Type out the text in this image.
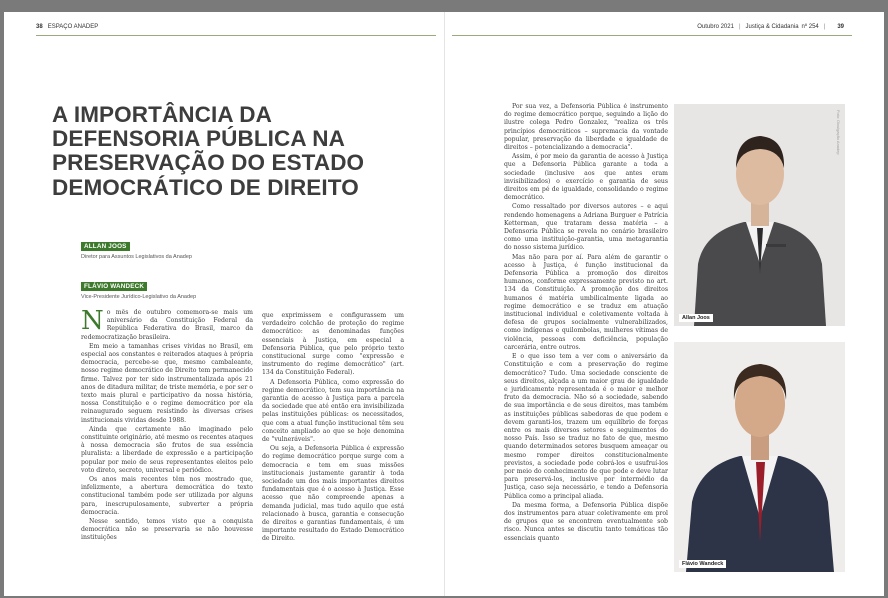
38 ESPAÇO ANADEP	Outubro 2021 | Justiça & Cidadania nº 254 | 39
A IMPORTÂNCIA DA
DEFENSORIA PÚBLICA NA
PRESERVAÇÃO DO ESTADO
DEMOCRÁTICO DE DIREITO
ALLAN JOOS
Diretor para Assuntos Legislativos da Anadep
FLÁVIO WANDECK
Vice-Presidente Jurídico-Legislativo da Anadep

No mês de outubro comemora-se mais um aniversário da Constituição Federal da República Federativa do Brasil, marco da redemocratização brasileira.

Em meio a tamanhas crises vividas no Brasil, em especial aos constantes e reiterados ataques à própria democracia, percebe-se que, mesmo cambaleante, nosso regime democrático de Direito tem permanecido firme. Talvez por ter sido instrumentalizada após 21 anos de ditadura militar, de triste memória, e por ser o texto mais plural e participativo da nossa história, nossa Constituição e o regime democrático por ela reinaugurado seguem resistindo às diversas crises institucionais vividas desde 1988.

Ainda que certamente não imaginado pelo constituinte originário, até mesmo os recentes ataques à nossa democracia são frutos de sua essência pluralista: a liberdade de expressão e a participação popular por meio de seus representantes eleitos pelo voto direto, secreto, universal e periódico.

Os anos mais recentes têm nos mostrado que, infelizmente, a abertura democrática do texto constitucional também pode ser utilizada por alguns para, inescrupulosamente, subverter a própria democracia.

Nesse sentido, temos visto que a conquista democrática não se preservaria se não houvesse instituições

que exprimissem e configurassem um verdadeiro colchão de proteção do regime democrático: as denominadas funções essenciais à Justiça, em especial a Defensoria Pública, que pelo próprio texto constitucional surge como "expressão e instrumento do regime democrático" (art. 134 da Constituição Federal).

A Defensoria Pública, como expressão do regime democrático, tem sua importância na garantia de acesso à Justiça para a parcela da sociedade que até então era invisibilizada pelas instituições públicas: os necessitados, que com a atual função institucional têm seu conceito ampliado ao que se hoje denomina de "vulneráveis".

Ou seja, a Defensoria Pública é expressão do regime democrático porque surge com a democracia e tem em suas missões institucionais justamente garantir à toda sociedade um dos mais importantes direitos fundamentais que é o acesso à Justiça. Esse acesso que não compreende apenas a demanda judicial, mas tudo aquilo que está relacionado à busca, garantia e consecução de direitos e garantias fundamentais, é um importante resultado do Estado Democrático de Direito.

Por sua vez, a Defensoria Pública é instrumento do regime democrático porque, seguindo a lição do ilustre colega Pedro Gonzalez, "realiza os três princípios democráticos – supremacia da vontade popular, preservação da liberdade e igualdade de direitos – potencializando a democracia".

Assim, é por meio da garantia de acesso à Justiça que a Defensoria Pública garante a toda a sociedade (inclusive aos que antes eram invisibilizados) o exercício e garantia de seus direitos em pé de igualdade, consolidando o regime democrático.

Como ressaltado por diversos autores – e aqui rendendo homenagens a Adriana Burguer e Patrícia Ketterman, que trataram dessa matéria – a Defensoria Pública se revela no cenário brasileiro como uma instituição-garantia, uma metagarantia do nosso sistema jurídico.

Mas não para por aí. Para além de garantir o acesso à Justiça, é função institucional da Defensoria Pública a promoção dos direitos humanos, conforme expressamente previsto no art. 134 da Constituição. A promoção dos direitos humanos é matéria umbilicalmente ligada ao regime democrático e se traduz em atuação institucional individual e coletivamente voltada à defesa de grupos socialmente vulnerabilizados, como indígenas e quilombolas, mulheres vítimas de violência, pessoas com deficiência, população carcerária, entre outros.

E o que isso tem a ver com o aniversário da Constituição e com a preservação do regime democrático? Tudo. Uma sociedade consciente de seus direitos, alçada a um maior grau de igualdade e juridicamente representada é o maior e melhor fruto da democracia. Não só a sociedade, sabendo de sua importância e de seus direitos, mas também as instituições públicas sabedoras de que podem e devem garanti-los, trazem um equilíbrio de forças entre os mais diversos setores e seguimentos do nosso País. Isso se traduz no fato de que, mesmo quando determinados setores busquem ameaçar ou mesmo romper direitos constitucionalmente previstos, a sociedade pode cobrá-los e usufruí-los por meio do conhecimento de que pode e deve lutar para preservá-los, inclusive por intermédio da Justiça, caso seja necessário, e tendo a Defensoria Pública como a principal aliada.

Da mesma forma, a Defensoria Pública dispõe dos instrumentos para atuar coletivamente em prol de grupos que se encontrem eventualmente sob risco. Nunca antes se discutiu tanto temáticas tão essenciais quanto

Foto: Divulgação Anadep
Allan Joos
Flávio Wandeck
